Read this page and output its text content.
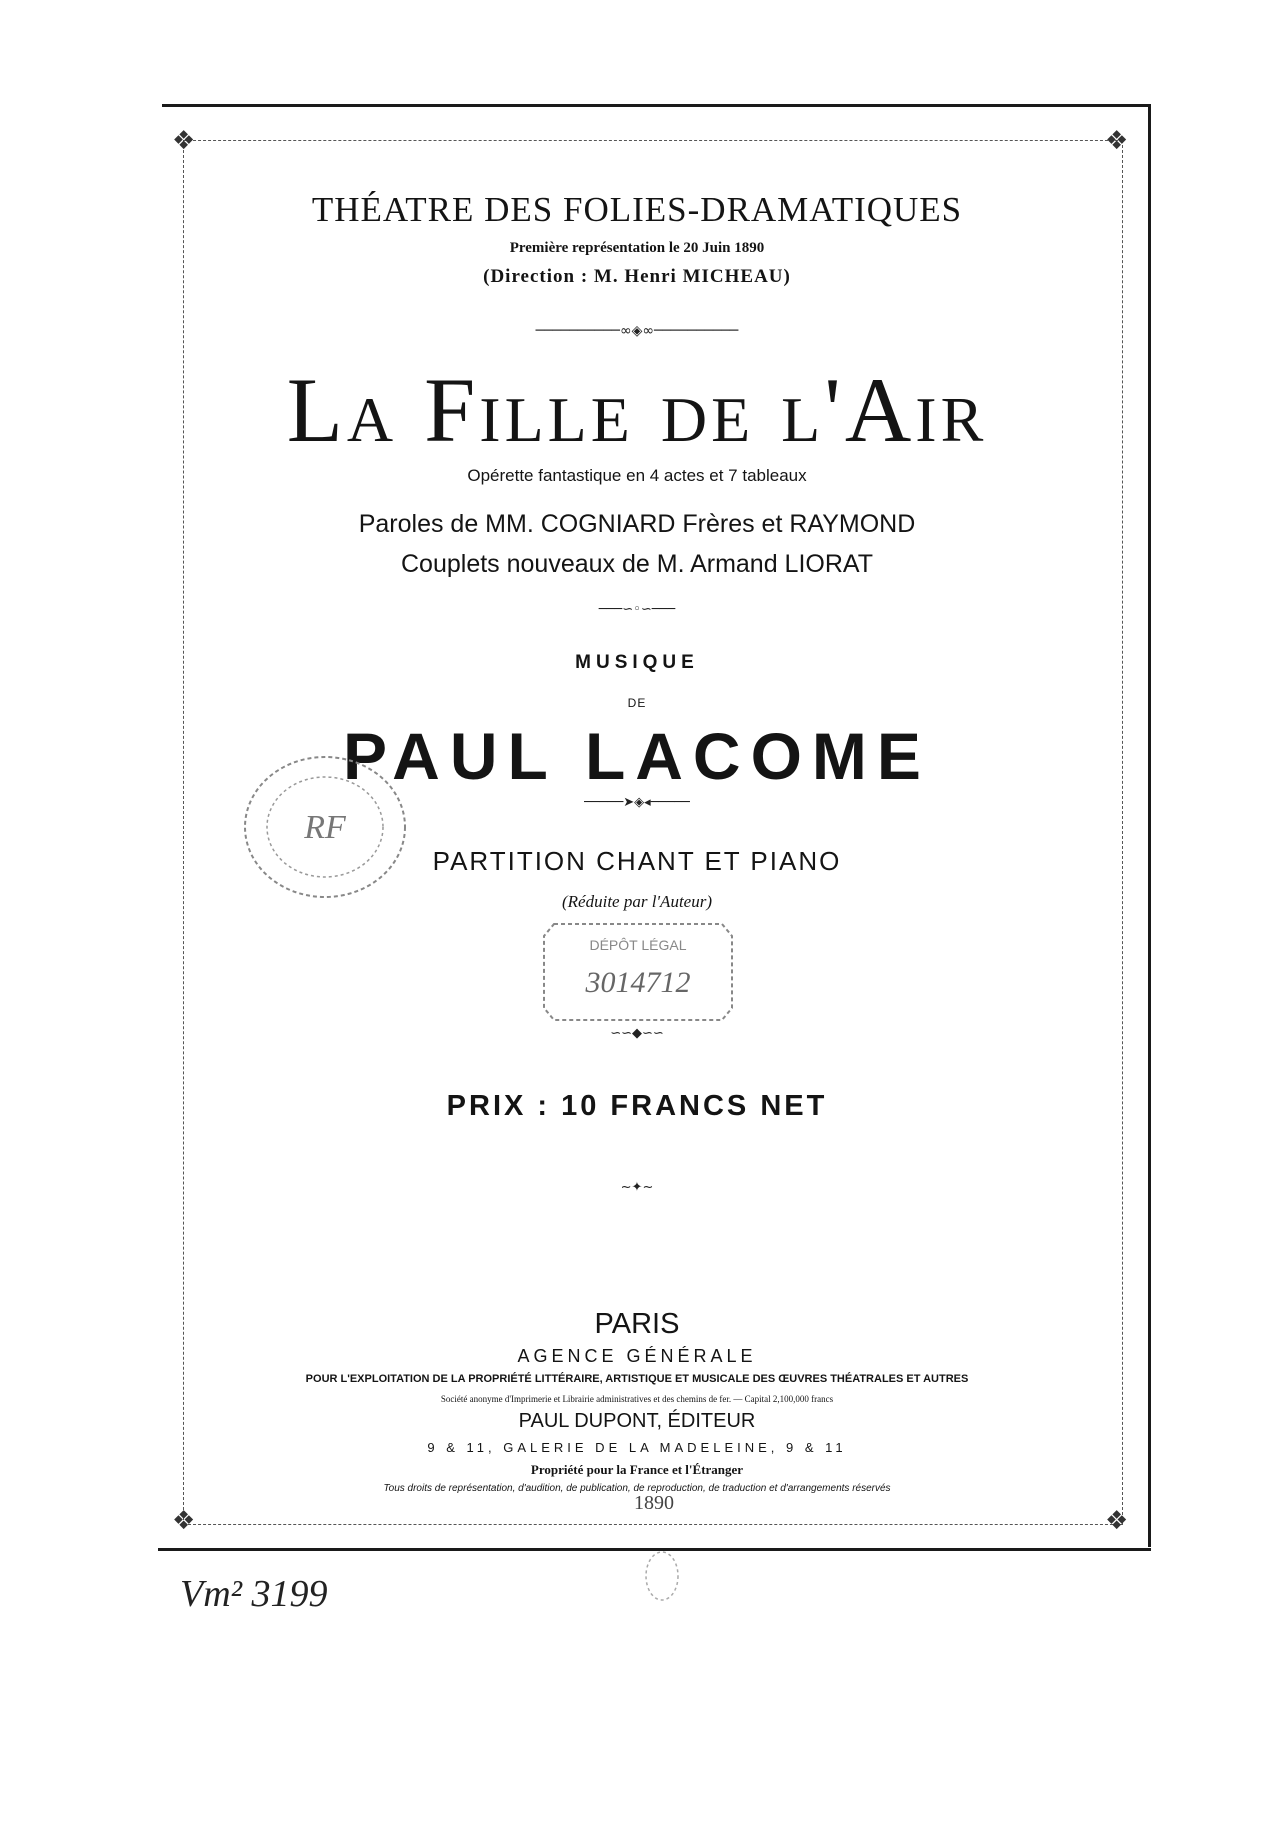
❖	❖
❖	❖
THÉATRE DES FOLIES-DRAMATIQUES
Première représentation le 20 Juin 1890
(Direction : M. Henri MICHEAU)
──────────∞◈∞──────────
La Fille de l'Air
Opérette fantastique en 4 actes et 7 tableaux
Paroles de MM. COGNIARD Frères et RAYMOND
Couplets nouveaux de M. Armand LIORAT
───∽◦∽───
MUSIQUE
DE
PAUL LACOME
─────➤◈◂─────
RF
PARTITION CHANT ET PIANO
(Réduite par l'Auteur)
DÉPÔT LÉGAL
3014712
PRIX : 10 FRANCS NET
∽∽◆∽∽
~✦~
PARIS
AGENCE GÉNÉRALE
POUR L'EXPLOITATION DE LA PROPRIÉTÉ LITTÉRAIRE, ARTISTIQUE ET MUSICALE DES ŒUVRES THÉATRALES ET AUTRES
Société anonyme d'Imprimerie et Librairie administratives et des chemins de fer. — Capital 2,100,000 francs
PAUL DUPONT, ÉDITEUR
9 & 11, GALERIE DE LA MADELEINE, 9 & 11
Propriété pour la France et l'Étranger
Tous droits de représentation, d'audition, de publication, de reproduction, de traduction et d'arrangements réservés
1890
Vm² 3199
